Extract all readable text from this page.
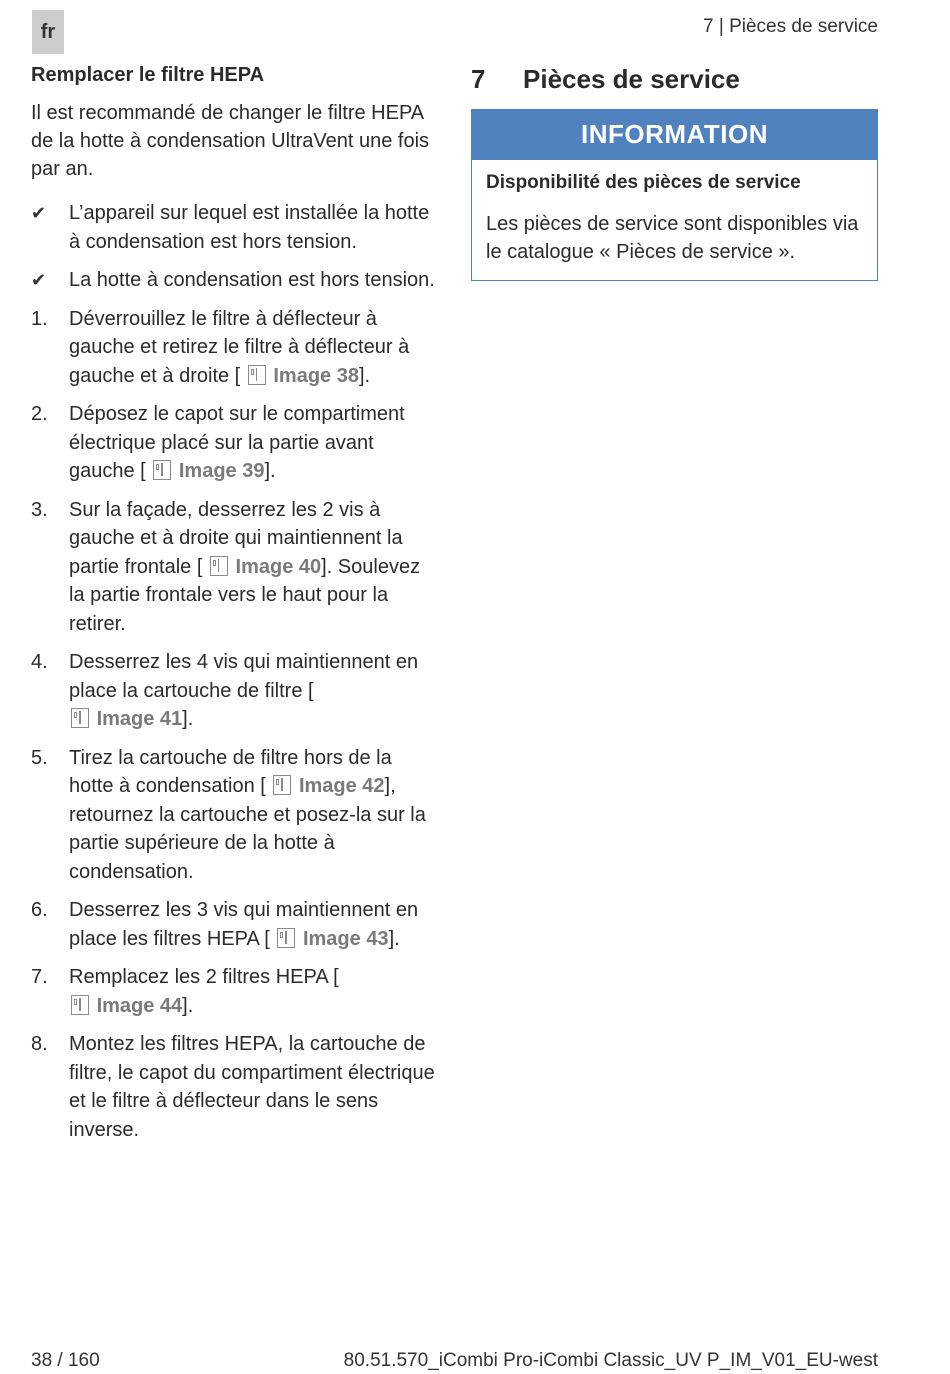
fr	7 | Pièces de service
Remplacer le filtre HEPA

Il est recommandé de changer le filtre HEPA de la hotte à condensation UltraVent une fois par an.

✔ L’appareil sur lequel est installée la hotte à condensation est hors tension.
✔ La hotte à condensation est hors tension.
1. Déverrouillez le filtre à déflecteur à gauche et retirez le filtre à déflecteur à gauche et à droite [  Image 38].
2. Déposez le capot sur le compartiment électrique placé sur la partie avant gauche [  Image 39].
3. Sur la façade, desserrez les 2 vis à gauche et à droite qui maintiennent la partie frontale [  Image 40]. Soulevez la partie frontale vers le haut pour la retirer.
4. Desserrez les 4 vis qui maintiennent en place la cartouche de filtre [  Image 41].
5. Tirez la cartouche de filtre hors de la hotte à condensation [  Image 42], retournez la cartouche et posez-la sur la partie supérieure de la hotte à condensation.
6. Desserrez les 3 vis qui maintiennent en place les filtres HEPA [  Image 43].
7. Remplacez les 2 filtres HEPA [  Image 44].
8. Montez les filtres HEPA, la cartouche de filtre, le capot du compartiment électrique et le filtre à déflecteur dans le sens inverse.
7	Pièces de service
INFORMATION

Disponibilité des pièces de service

Les pièces de service sont disponibles via le catalogue « Pièces de service ».

38 / 160	80.51.570_iCombi Pro-iCombi Classic_UV P_IM_V01_EU-west
